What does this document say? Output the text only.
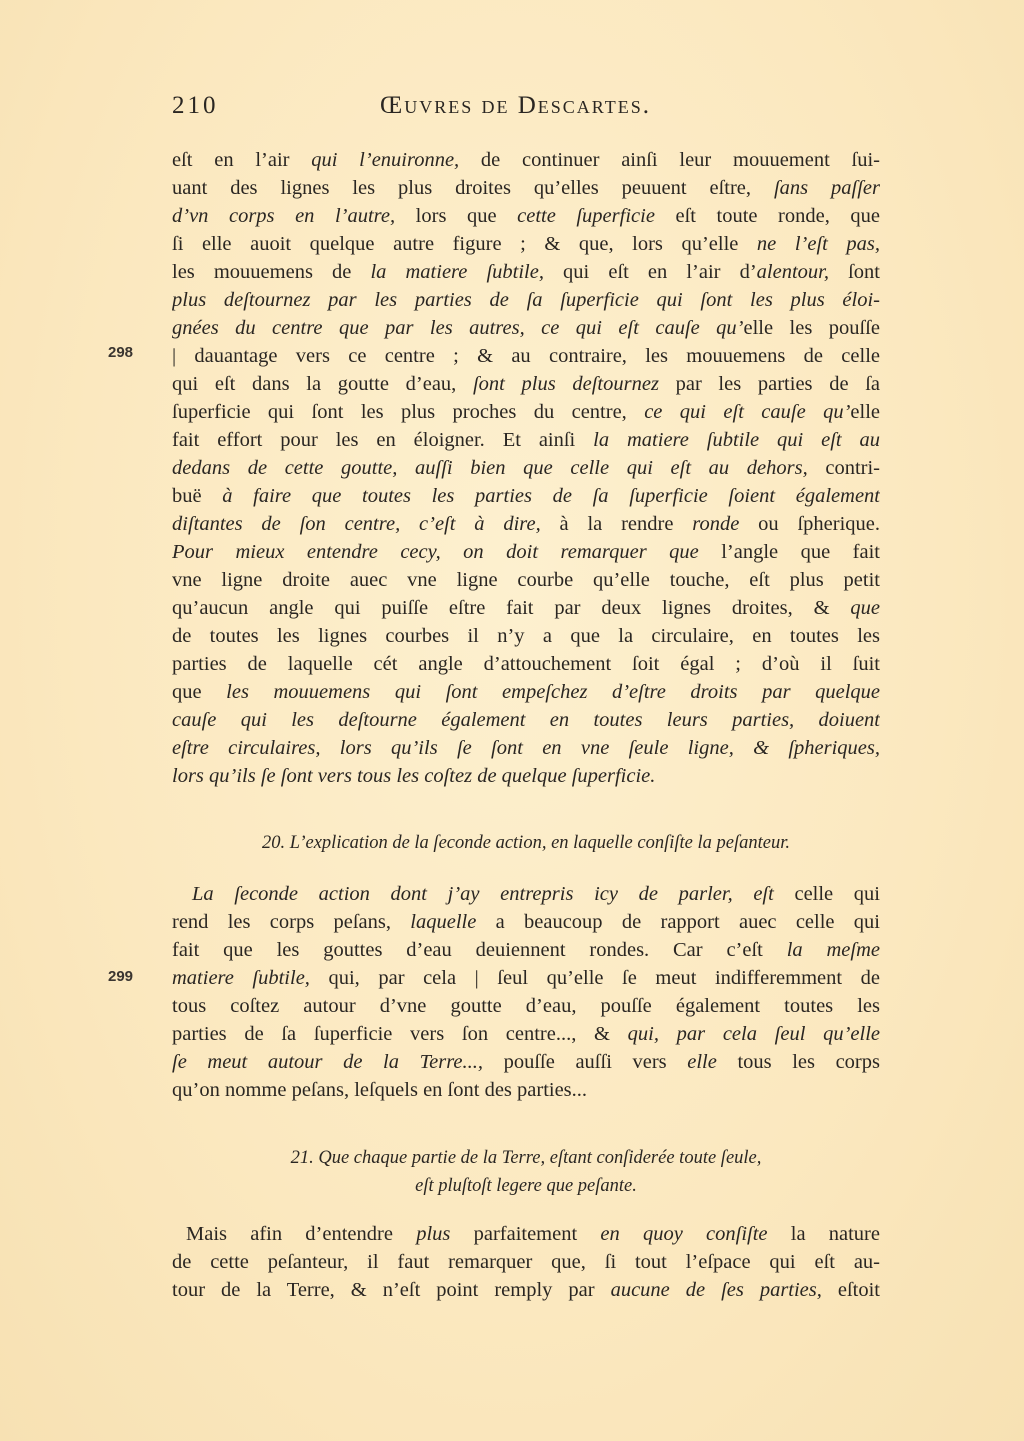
210	Œuvres de Descartes.
298
299
eſt en l’air qui l’enuironne, de continuer ainſi leur mouuement ſui-
uant des lignes les plus droites qu’elles peuuent eſtre, ſans paſſer
d’vn corps en l’autre, lors que cette ſuperficie eſt toute ronde, que
ſi elle auoit quelque autre figure ; & que, lors qu’elle ne l’eſt pas,
les mouuemens de la matiere ſubtile, qui eſt en l’air d’alentour, ſont
plus deſtournez par les parties de ſa ſuperficie qui ſont les plus éloi-
gnées du centre que par les autres, ce qui eſt cauſe qu’elle les pouſſe
| dauantage vers ce centre ; & au contraire, les mouuemens de celle
qui eſt dans la goutte d’eau, ſont plus deſtournez par les parties de ſa
ſuperficie qui ſont les plus proches du centre, ce qui eſt cauſe qu’elle
fait effort pour les en éloigner. Et ainſi la matiere ſubtile qui eſt au
dedans de cette goutte, auſſi bien que celle qui eſt au dehors, contri-
buë à faire que toutes les parties de ſa ſuperficie ſoient également
diſtantes de ſon centre, c’eſt à dire, à la rendre ronde ou ſpherique.
Pour mieux entendre cecy, on doit remarquer que l’angle que fait
vne ligne droite auec vne ligne courbe qu’elle touche, eſt plus petit
qu’aucun angle qui puiſſe eſtre fait par deux lignes droites, & que
de toutes les lignes courbes il n’y a que la circulaire, en toutes les
parties de laquelle cét angle d’attouchement ſoit égal ; d’où il ſuit
que les mouuemens qui ſont empeſchez d’eſtre droits par quelque
cauſe qui les deſtourne également en toutes leurs parties, doiuent
eſtre circulaires, lors qu’ils ſe ſont en vne ſeule ligne, & ſpheriques,
lors qu’ils ſe ſont vers tous les coſtez de quelque ſuperficie.
20. L’explication de la ſeconde action, en laquelle conſiſte la peſanteur.
La ſeconde action dont j’ay entrepris icy de parler, eſt celle qui
rend les corps peſans, laquelle a beaucoup de rapport auec celle qui
fait que les gouttes d’eau deuiennent rondes. Car c’eſt la meſme
matiere ſubtile, qui, par cela | ſeul qu’elle ſe meut indifferemment de
tous coſtez autour d’vne goutte d’eau, pouſſe également toutes les
parties de ſa ſuperficie vers ſon centre..., & qui, par cela ſeul qu’elle
ſe meut autour de la Terre..., pouſſe auſſi vers elle tous les corps
qu’on nomme peſans, leſquels en ſont des parties...
21. Que chaque partie de la Terre, eſtant conſiderée toute ſeule,
eſt pluſtoſt legere que peſante.
Mais afin d’entendre plus parfaitement en quoy conſiſte la nature
de cette peſanteur, il faut remarquer que, ſi tout l’eſpace qui eſt au-
tour de la Terre, & n’eſt point remply par aucune de ſes parties, eſtoit
